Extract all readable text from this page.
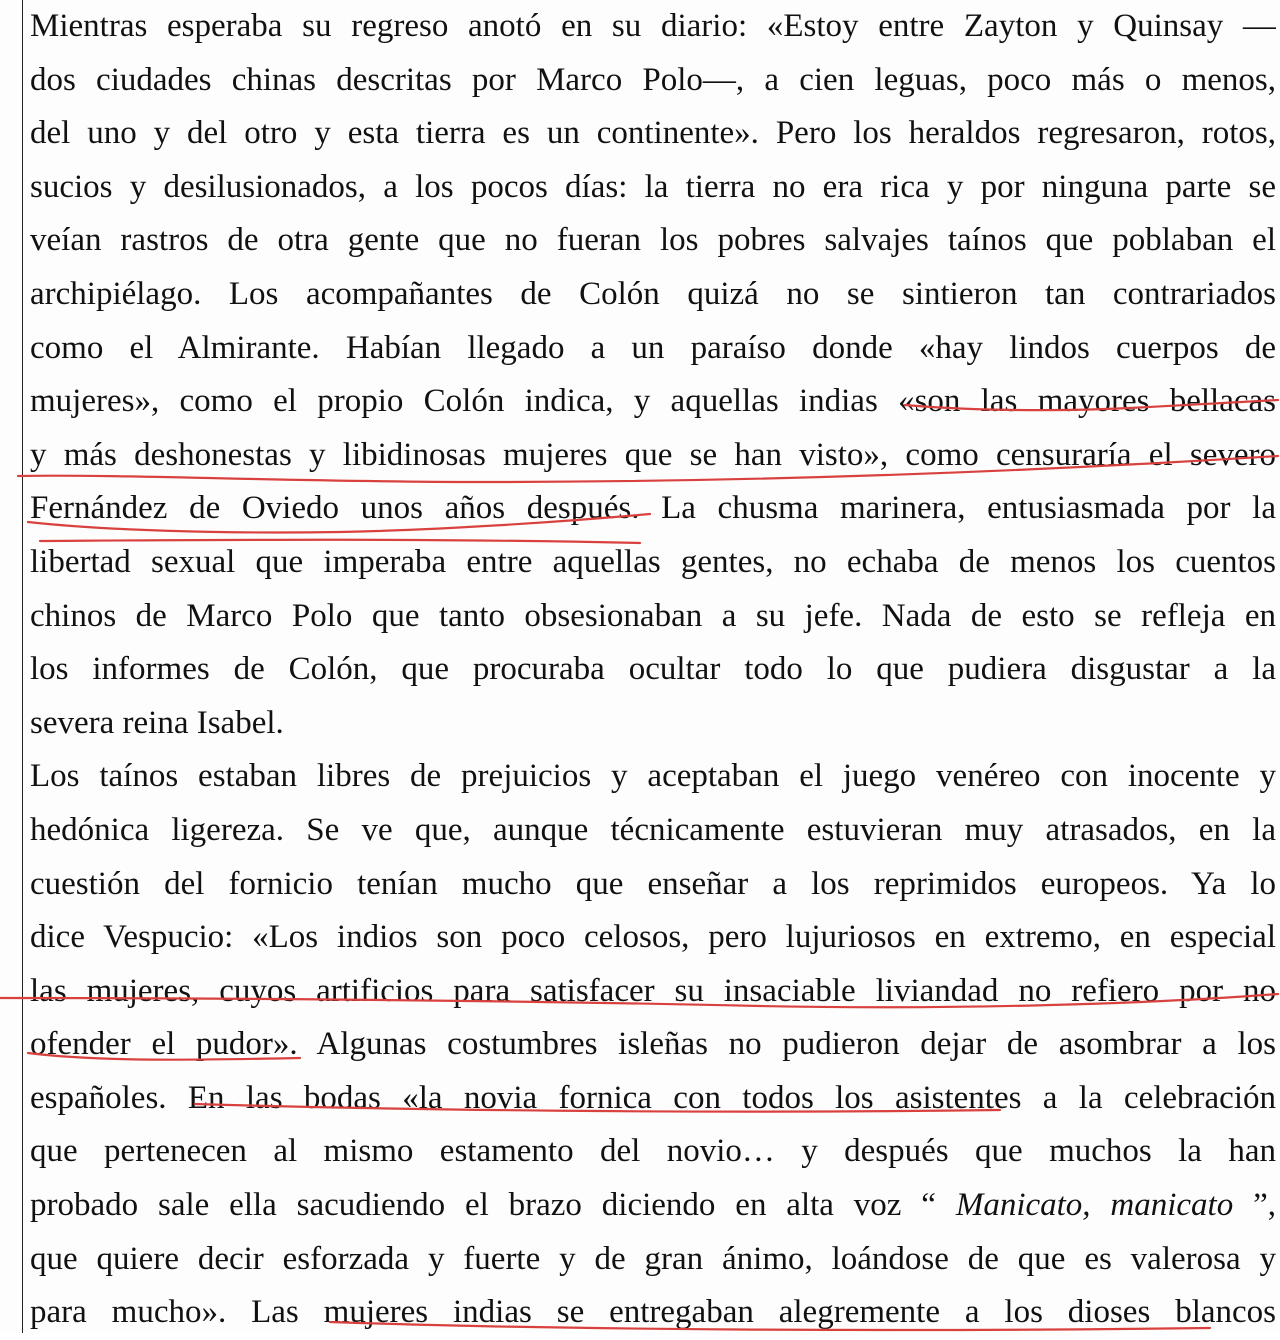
Mientras esperaba su regreso anotó en su diario: «Estoy entre Zayton y Quinsay —
dos ciudades chinas descritas por Marco Polo—, a cien leguas, poco más o menos,
del uno y del otro y esta tierra es un continente». Pero los heraldos regresaron, rotos,
sucios y desilusionados, a los pocos días: la tierra no era rica y por ninguna parte se
veían rastros de otra gente que no fueran los pobres salvajes taínos que poblaban el
archipiélago. Los acompañantes de Colón quizá no se sintieron tan contrariados
como el Almirante. Habían llegado a un paraíso donde «hay lindos cuerpos de
mujeres», como el propio Colón indica, y aquellas indias «son las mayores bellacas
y más deshonestas y libidinosas mujeres que se han visto», como censuraría el severo
Fernández de Oviedo unos años después. La chusma marinera, entusiasmada por la
libertad sexual que imperaba entre aquellas gentes, no echaba de menos los cuentos
chinos de Marco Polo que tanto obsesionaban a su jefe. Nada de esto se refleja en
los informes de Colón, que procuraba ocultar todo lo que pudiera disgustar a la
severa reina Isabel.
Los taínos estaban libres de prejuicios y aceptaban el juego venéreo con inocente y
hedónica ligereza. Se ve que, aunque técnicamente estuvieran muy atrasados, en la
cuestión del fornicio tenían mucho que enseñar a los reprimidos europeos. Ya lo
dice Vespucio: «Los indios son poco celosos, pero lujuriosos en extremo, en especial
las mujeres, cuyos artificios para satisfacer su insaciable liviandad no refiero por no
ofender el pudor». Algunas costumbres isleñas no pudieron dejar de asombrar a los
españoles. En las bodas «la novia fornica con todos los asistentes a la celebración
que pertenecen al mismo estamento del novio… y después que muchos la han
probado sale ella sacudiendo el brazo diciendo en alta voz “ Manicato, manicato ”,
que quiere decir esforzada y fuerte y de gran ánimo, loándose de que es valerosa y
para mucho». Las mujeres indias se entregaban alegremente a los dioses blancos
